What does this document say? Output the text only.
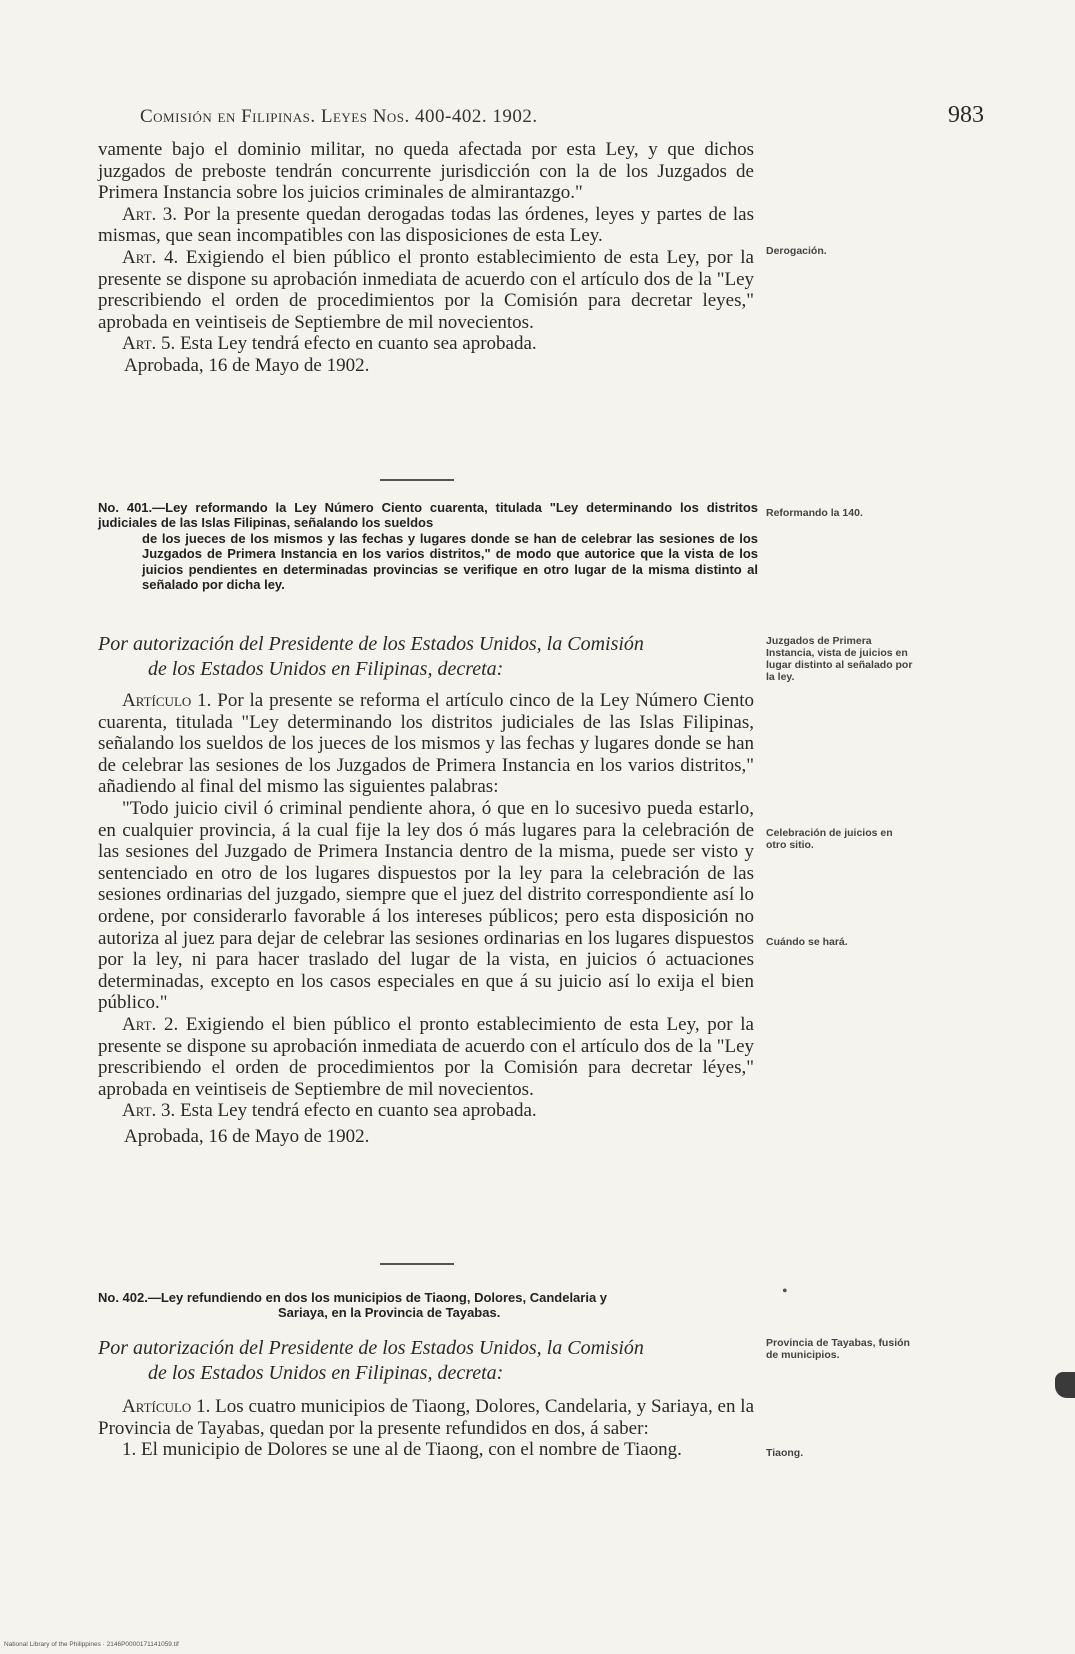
Comisión en Filipinas. Leyes Nos. 400-402. 1902.	983

vamente bajo el dominio militar, no queda afectada por esta Ley, y que dichos juzgados de preboste tendrán concurrente jurisdicción con la de los Juzgados de Primera Instancia sobre los juicios criminales de almirantazgo."

Art. 3. Por la presente quedan derogadas todas las órdenes, leyes y partes de las mismas, que sean incompatibles con las disposiciones de esta Ley.

Art. 4. Exigiendo el bien público el pronto establecimiento de esta Ley, por la presente se dispone su aprobación inmediata de acuerdo con el artículo dos de la "Ley prescribiendo el orden de procedimientos por la Comisión para decretar leyes," aprobada en veintiseis de Septiembre de mil novecientos.

Art. 5. Esta Ley tendrá efecto en cuanto sea aprobada.

Aprobada, 16 de Mayo de 1902.

No. 401.—Ley reformando la Ley Número Ciento cuarenta, titulada "Ley determinando los distritos judiciales de las Islas Filipinas, señalando los sueldos
de los jueces de los mismos y las fechas y lugares donde se han de celebrar las sesiones de los Juzgados de Primera Instancia en los varios distritos," de modo que autorice que la vista de los juicios pendientes en determinadas provincias se verifique en otro lugar de la misma distinto al señalado por dicha ley.

Por autorización del Presidente de los Estados Unidos, la Comisión
de los Estados Unidos en Filipinas, decreta:

Artículo 1. Por la presente se reforma el artículo cinco de la Ley Número Ciento cuarenta, titulada "Ley determinando los distritos judiciales de las Islas Filipinas, señalando los sueldos de los jueces de los mismos y las fechas y lugares donde se han de celebrar las sesiones de los Juzgados de Primera Instancia en los varios distritos," añadiendo al final del mismo las siguientes palabras:

"Todo juicio civil ó criminal pendiente ahora, ó que en lo sucesivo pueda estarlo, en cualquier provincia, á la cual fije la ley dos ó más lugares para la celebración de las sesiones del Juzgado de Primera Instancia dentro de la misma, puede ser visto y sentenciado en otro de los lugares dispuestos por la ley para la celebración de las sesiones ordinarias del juzgado, siempre que el juez del distrito correspondiente así lo ordene, por considerarlo favorable á los intereses públicos; pero esta disposición no autoriza al juez para dejar de celebrar las sesiones ordinarias en los lugares dispuestos por la ley, ni para hacer traslado del lugar de la vista, en juicios ó actuaciones determinadas, excepto en los casos especiales en que á su juicio así lo exija el bien público."

Art. 2. Exigiendo el bien público el pronto establecimiento de esta Ley, por la presente se dispone su aprobación inmediata de acuerdo con el artículo dos de la "Ley prescribiendo el orden de procedimientos por la Comisión para decretar léyes," aprobada en veintiseis de Septiembre de mil novecientos.

Art. 3. Esta Ley tendrá efecto en cuanto sea aprobada.

Aprobada, 16 de Mayo de 1902.

No. 402.—Ley refundiendo en dos los municipios de Tiaong, Dolores, Candelaria y
Sariaya, en la Provincia de Tayabas.

Por autorización del Presidente de los Estados Unidos, la Comisión
de los Estados Unidos en Filipinas, decreta:

Artículo 1. Los cuatro municipios de Tiaong, Dolores, Candelaria, y Sariaya, en la Provincia de Tayabas, quedan por la presente refundidos en dos, á saber:

1. El municipio de Dolores se une al de Tiaong, con el nombre de Tiaong.

Derogación.
Reformando la 140.
Juzgados de Primera Instancia, vista de juicios en lugar distinto al señalado por la ley.
Celebración de juicios en otro sitio.
Cuándo se hará.
Provincia de Tayabas, fusión de municipios.
Tiaong.
•
National Library of the Philippines · 2146P0000171141059.tif
